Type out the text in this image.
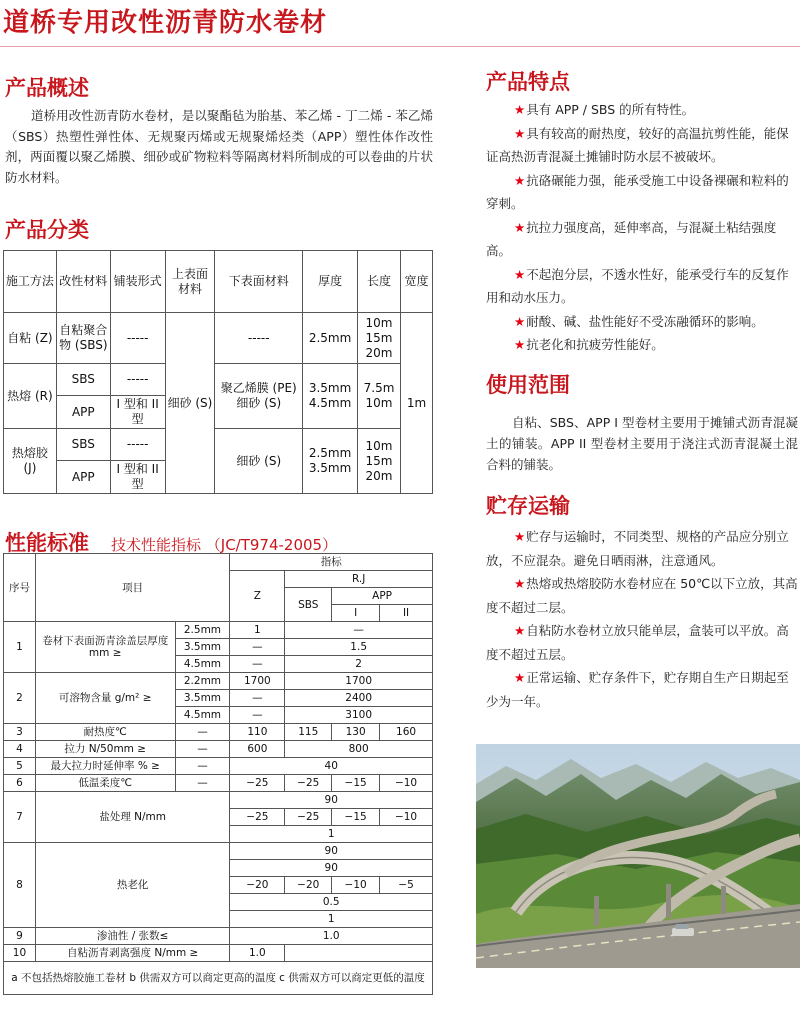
道桥专用改性沥青防水卷材
产品概述
道桥用改性沥青防水卷材，是以聚酯毡为胎基、苯乙烯 - 丁二烯 - 苯乙烯（SBS）热塑性弹性体、无规聚丙烯或无规聚烯烃类（APP）塑性体作改性剂，两面覆以聚乙烯膜、细砂或矿物粒料等隔离材料所制成的可以卷曲的片状防水材料。
产品分类
施工方法	改性材料	铺装形式	上表面材料	下表面材料	厚度	长度	宽度
自粘 (Z)	自粘聚合物 (SBS)	-----	细砂 (S)	-----	2.5mm	10m 15m 20m	1m
热熔 (R)	SBS	-----		聚乙烯膜 (PE) 细砂 (S)	3.5mm 4.5mm	7.5m 10m	
	APP	I 型和 II 型					
热熔胶 (J)	SBS	-----		细砂 (S)	2.5mm 3.5mm	10m 15m 20m	
	APP	I 型和 II 型					
性能标准 技术性能指标 （JC/T974-2005）
序号	项目		指标			
			Z	R.J		
				SBS	APP	
					I	II
1	卷材下表面沥青涂盖层厚度 mm ≥	2.5mm	1	—		
		3.5mm	—	1.5		
		4.5mm	—	2		
2	可溶物含量 g/m² ≥	2.2mm	1700	1700		
		3.5mm	—	2400		
		4.5mm	—	3100		
3	耐热度℃	—	110	115	130	160
4	拉力 N/50mm ≥	—	600	800		
5	最大拉力时延伸率 % ≥	—	40			
6	低温柔度℃	—	−25	−25	−15	−10
7	盐处理 N/mm		90			
			−25	−25	−15	−10
			1			
8	热老化		90			
			90			
			−20	−20	−10	−5
			0.5			
			1			
9	渗油性 / 张数≤		1.0			
10	自粘沥青剥离强度 N/mm ≥		1.0			
a 不包括热熔胶施工卷材 b 供需双方可以商定更高的温度 c 供需双方可以商定更低的温度						
产品特点
★具有 APP / SBS 的所有特性。
★具有较高的耐热度，较好的高温抗剪性能，能保证高热沥青混凝土摊铺时防水层不被破坏。
★抗硌碾能力强，能承受施工中设备裸碾和粒料的穿刺。
★抗拉力强度高，延伸率高，与混凝土粘结强度高。
★不起泡分层，不透水性好，能承受行车的反复作用和动水压力。
★耐酸、碱、盐性能好不受冻融循环的影响。
★抗老化和抗疲劳性能好。
使用范围
自粘、SBS、APP I 型卷材主要用于摊铺式沥青混凝土的铺装。APP II 型卷材主要用于浇注式沥青混凝土混合料的铺装。
贮存运输
★贮存与运输时，不同类型、规格的产品应分别立放，不应混杂。避免日晒雨淋，注意通风。
★热熔或热熔胶防水卷材应在 50℃以下立放，其高度不超过二层。
★自粘防水卷材立放只能单层，盒装可以平放。高度不超过五层。
★正常运输、贮存条件下，贮存期自生产日期起至少为一年。
